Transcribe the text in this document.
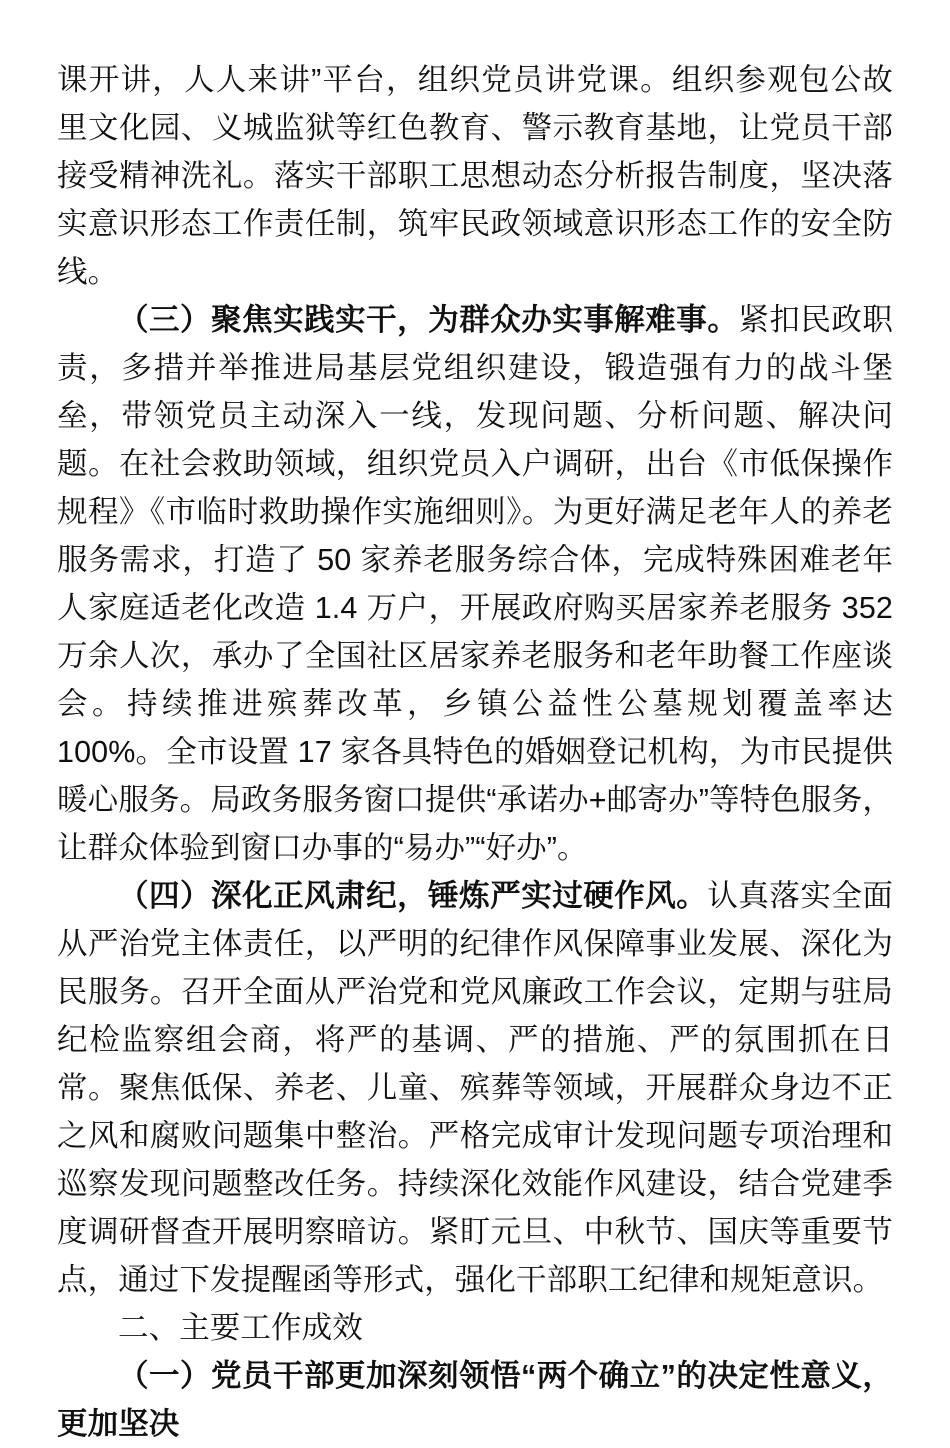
课开讲，人人来讲”平台，组织党员讲党课。组织参观包公故里文化园、义城监狱等红色教育、警示教育基地，让党员干部接受精神洗礼。落实干部职工思想动态分析报告制度，坚决落实意识形态工作责任制，筑牢民政领域意识形态工作的安全防线。

（三）聚焦实践实干，为群众办实事解难事。紧扣民政职责，多措并举推进局基层党组织建设，锻造强有力的战斗堡垒，带领党员主动深入一线，发现问题、分析问题、解决问题。在社会救助领域，组织党员入户调研，出台《市低保操作规程》《市临时救助操作实施细则》。为更好满足老年人的养老服务需求，打造了 50 家养老服务综合体，完成特殊困难老年人家庭适老化改造 1.4 万户，开展政府购买居家养老服务 352 万余人次，承办了全国社区居家养老服务和老年助餐工作座谈会。持续推进殡葬改革，乡镇公益性公墓规划覆盖率达 100%。全市设置 17 家各具特色的婚姻登记机构，为市民提供暖心服务。局政务服务窗口提供“承诺办+邮寄办”等特色服务，让群众体验到窗口办事的“易办”“好办”。

（四）深化正风肃纪，锤炼严实过硬作风。认真落实全面从严治党主体责任，以严明的纪律作风保障事业发展、深化为民服务。召开全面从严治党和党风廉政工作会议，定期与驻局纪检监察组会商，将严的基调、严的措施、严的氛围抓在日常。聚焦低保、养老、儿童、殡葬等领域，开展群众身边不正之风和腐败问题集中整治。严格完成审计发现问题专项治理和巡察发现问题整改任务。持续深化效能作风建设，结合党建季度调研督查开展明察暗访。紧盯元旦、中秋节、国庆等重要节点，通过下发提醒函等形式，强化干部职工纪律和规矩意识。

二、主要工作成效

（一）党员干部更加深刻领悟“两个确立”的决定性意义，更加坚决
